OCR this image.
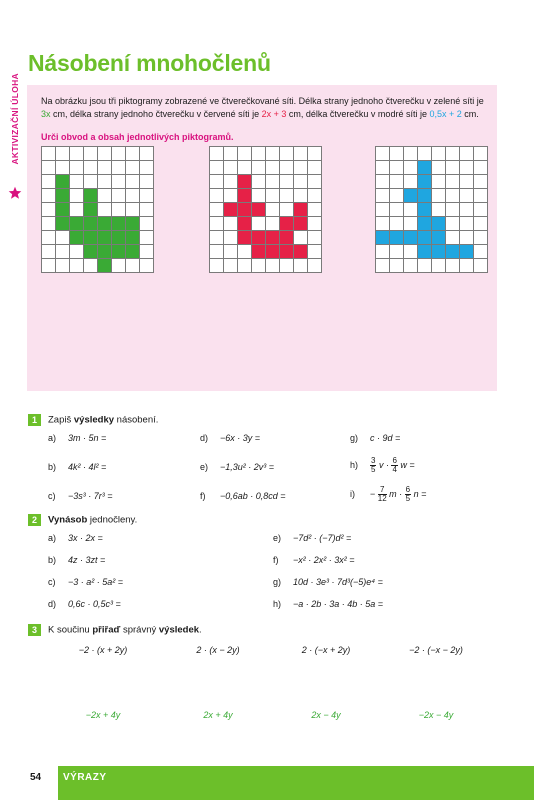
Násobení mnohočlenů
AKTIVIZAČNÍ ÚLOHA Na obrázku jsou tři piktogramy zobrazené ve čtverečkované síti. Délka strany jednoho čtverečku v zelené síti je 3x cm, délka strany jednoho čtverečku v červené síti je 2x + 3 cm, délka čtverečku v modré síti je 0,5x + 2 cm.

Urči obvod a obsah jednotlivých piktogramů.

1 Zapiš výsledky násobení.
a) 3m · 5n =
b) 4k² · 4l² =
c) −3s³ · 7r³ =
d) −6x · 3y =
e) −1,3u² · 2v³ =
f) −0,6ab · 0,8cd =
g) c · 9d =
$h) \frac{3}{5}$ $v \cdot \frac{6}{4}$ w =
$i) - \frac{7}{12}$ $m \cdot \frac{6}{5}$ n =
2 Vynásob jednočleny.
a) 3x · 2x =
b) 4z · 3zt =
c) −3 · a² · 5a² =
d) 0,6c · 0,5c³ =
e) −7d² · (−7)d² =
f) −x² · 2x² · 3x² =
g) 10d · 3e³ · 7d³(−5)e⁴ =
h) −a · 2b · 3a · 4b · 5a =
3 K součinu přiřaď správný výsledek.
−2 · (x + 2y)	2 · (x − 2y)	2 · (−x + 2y)	−2 · (−x − 2y)
−2x + 4y	2x + 4y	2x − 4y	−2x − 4y
54 VÝRAZY
